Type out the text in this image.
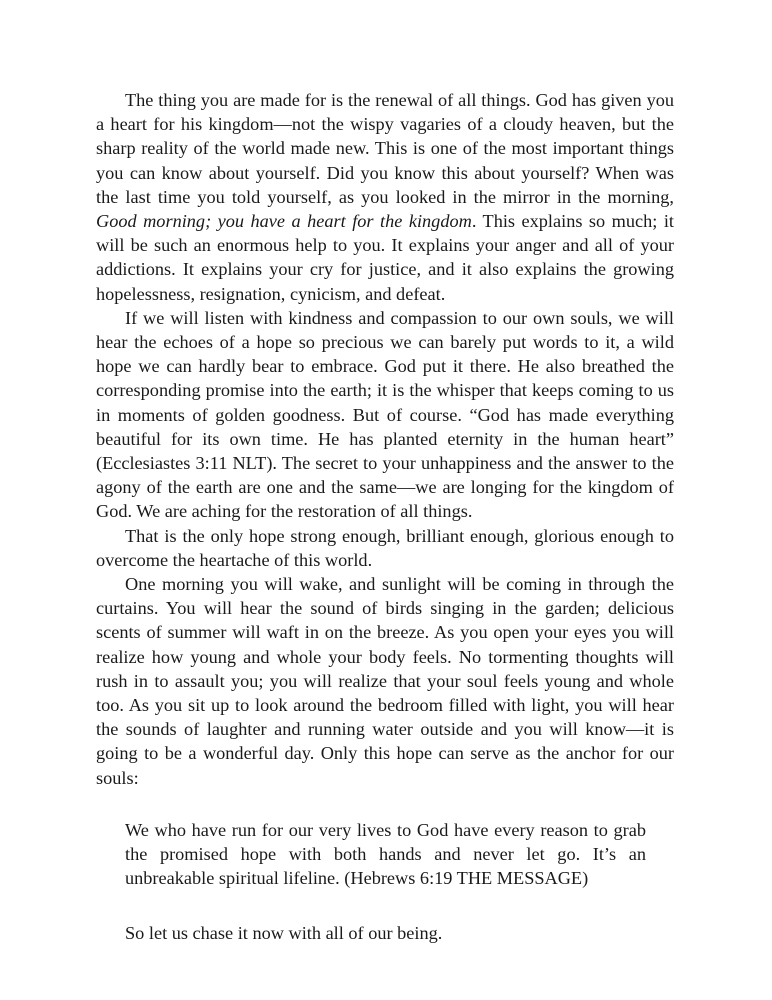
The thing you are made for is the renewal of all things. God has given you a heart for his kingdom—not the wispy vagaries of a cloudy heaven, but the sharp reality of the world made new. This is one of the most important things you can know about yourself. Did you know this about yourself? When was the last time you told yourself, as you looked in the mirror in the morning, Good morning; you have a heart for the kingdom. This explains so much; it will be such an enormous help to you. It explains your anger and all of your addictions. It explains your cry for justice, and it also explains the growing hopelessness, resignation, cynicism, and defeat.

If we will listen with kindness and compassion to our own souls, we will hear the echoes of a hope so precious we can barely put words to it, a wild hope we can hardly bear to embrace. God put it there. He also breathed the corresponding promise into the earth; it is the whisper that keeps coming to us in moments of golden goodness. But of course. “God has made everything beautiful for its own time. He has planted eternity in the human heart” (Ecclesiastes 3:11 NLT). The secret to your unhappiness and the answer to the agony of the earth are one and the same—we are longing for the kingdom of God. We are aching for the restoration of all things.

That is the only hope strong enough, brilliant enough, glorious enough to overcome the heartache of this world.

One morning you will wake, and sunlight will be coming in through the curtains. You will hear the sound of birds singing in the garden; delicious scents of summer will waft in on the breeze. As you open your eyes you will realize how young and whole your body feels. No tormenting thoughts will rush in to assault you; you will realize that your soul feels young and whole too. As you sit up to look around the bedroom filled with light, you will hear the sounds of laughter and running water outside and you will know—it is going to be a wonderful day. Only this hope can serve as the anchor for our souls:

We who have run for our very lives to God have every reason to grab the promised hope with both hands and never let go. It’s an unbreakable spiritual lifeline. (Hebrews 6:19 THE MESSAGE)

So let us chase it now with all of our being.
